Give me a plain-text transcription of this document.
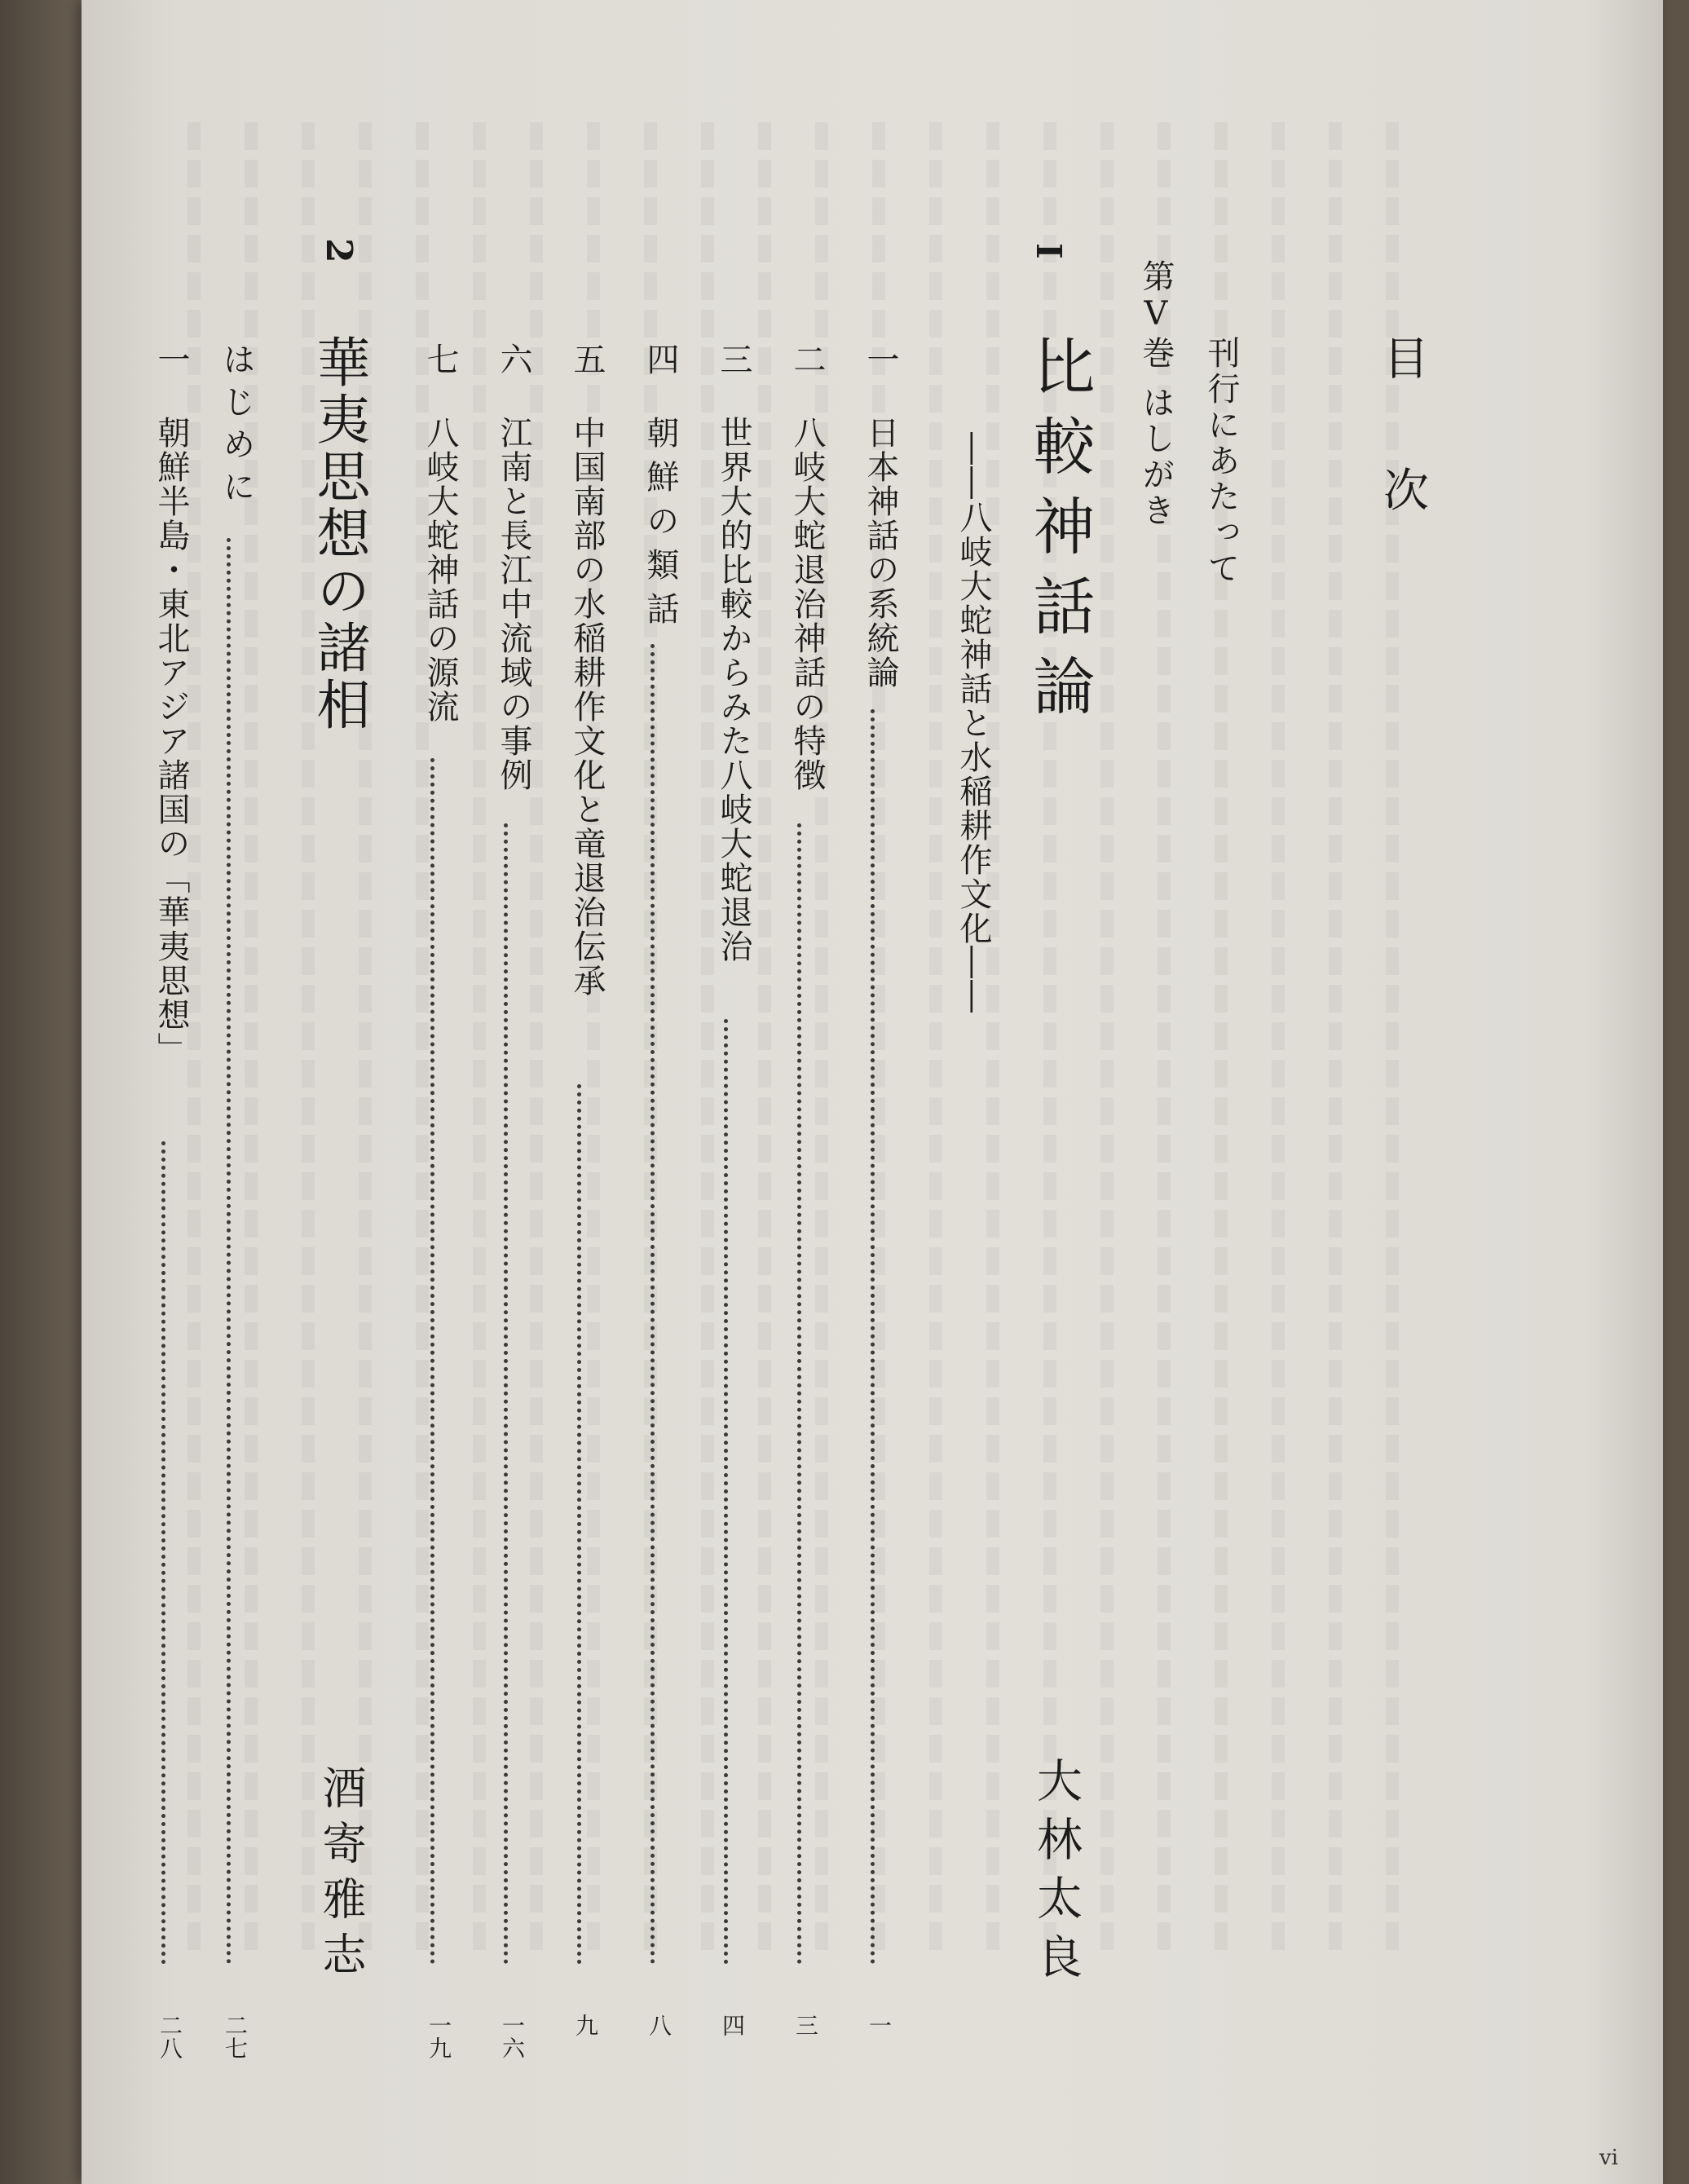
目 次
刊行にあたって
第Ⅴ巻 はしがき
I
比較神話論
――八岐大蛇神話と水稲耕作文化――
大林太良
一
日本神話の系統論
一
二
八岐大蛇退治神話の特徴
三
三
世界大的比較からみた八岐大蛇退治
四
四
朝鮮の類話
八
五
中国南部の水稲耕作文化と竜退治伝承
九
六
江南と長江中流域の事例
一六
七
八岐大蛇神話の源流
一九
2
華夷思想の諸相
酒寄雅志
はじめに
二七
一
朝鮮半島・東北アジア諸国の「華夷思想」
二八
vi
